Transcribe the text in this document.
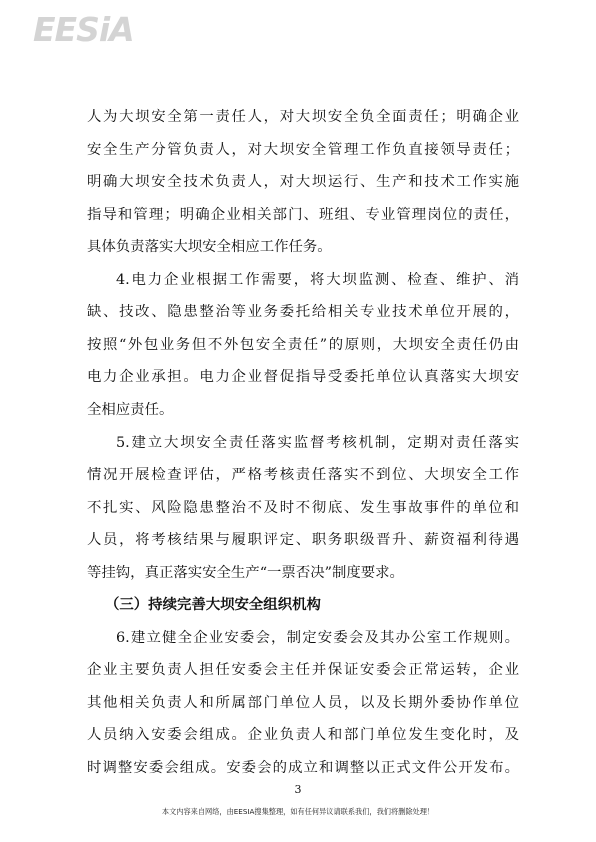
EESiA
人为大坝安全第一责任人，对大坝安全负全面责任；明确企业
安全生产分管负责人，对大坝安全管理工作负直接领导责任；
明确大坝安全技术负责人，对大坝运行、生产和技术工作实施
指导和管理；明确企业相关部门、班组、专业管理岗位的责任，
具体负责落实大坝安全相应工作任务。
4.电力企业根据工作需要，将大坝监测、检查、维护、消
缺、技改、隐患整治等业务委托给相关专业技术单位开展的，
按照“外包业务但不外包安全责任”的原则，大坝安全责任仍由
电力企业承担。电力企业督促指导受委托单位认真落实大坝安
全相应责任。
5.建立大坝安全责任落实监督考核机制，定期对责任落实
情况开展检查评估，严格考核责任落实不到位、大坝安全工作
不扎实、风险隐患整治不及时不彻底、发生事故事件的单位和
人员，将考核结果与履职评定、职务职级晋升、薪资福利待遇
等挂钩，真正落实安全生产“一票否决”制度要求。
（三）持续完善大坝安全组织机构
6.建立健全企业安委会，制定安委会及其办公室工作规则。
企业主要负责人担任安委会主任并保证安委会正常运转，企业
其他相关负责人和所属部门单位人员，以及长期外委协作单位
人员纳入安委会组成。企业负责人和部门单位发生变化时，及
时调整安委会组成。安委会的成立和调整以正式文件公开发布。
3
本文内容来自网络，由EESIA搜集整理，如有任何异议请联系我们，我们将删除处理！
